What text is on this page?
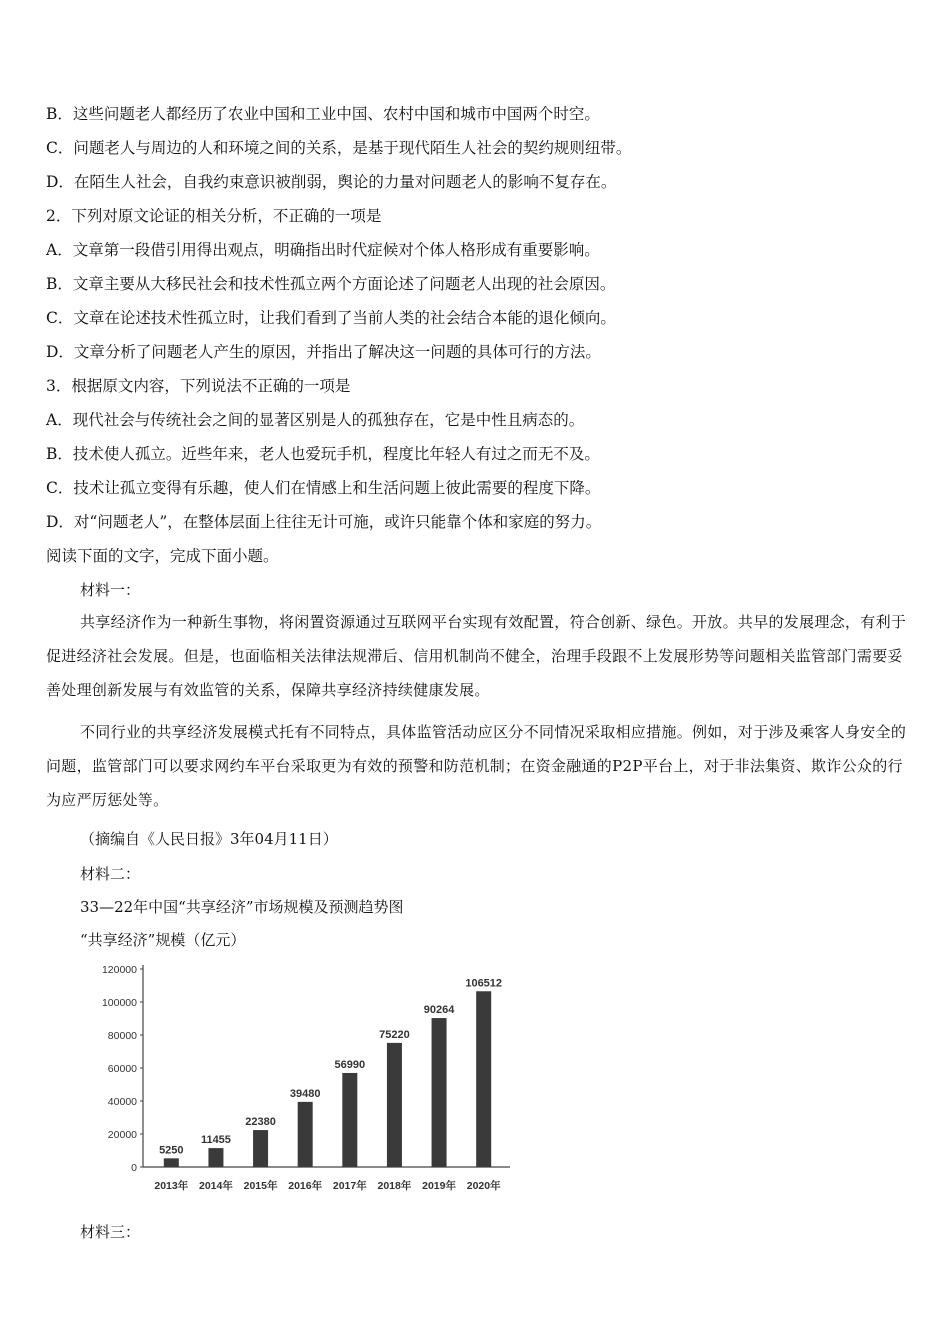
B．这些问题老人都经历了农业中国和工业中国、农村中国和城市中国两个时空。
C．问题老人与周边的人和环境之间的关系，是基于现代陌生人社会的契约规则纽带。
D．在陌生人社会，自我约束意识被削弱，舆论的力量对问题老人的影响不复存在。
2．下列对原文论证的相关分析，不正确的一项是
A．文章第一段借引用得出观点，明确指出时代症候对个体人格形成有重要影响。
B．文章主要从大移民社会和技术性孤立两个方面论述了问题老人出现的社会原因。
C．文章在论述技术性孤立时，让我们看到了当前人类的社会结合本能的退化倾向。
D．文章分析了问题老人产生的原因，并指出了解决这一问题的具体可行的方法。
3．根据原文内容，下列说法不正确的一项是
A．现代社会与传统社会之间的显著区别是人的孤独存在，它是中性且病态的。
B．技术使人孤立。近些年来，老人也爱玩手机，程度比年轻人有过之而无不及。
C．技术让孤立变得有乐趣，使人们在情感上和生活问题上彼此需要的程度下降。
D．对“问题老人”，在整体层面上往往无计可施，或许只能靠个体和家庭的努力。
阅读下面的文字，完成下面小题。
材料一：
共享经济作为一种新生事物，将闲置资源通过互联网平台实现有效配置，符合创新、绿色。开放。共早的发展理念，有利于促进经济社会发展。但是，也面临相关法律法规滞后、信用机制尚不健全，治理手段跟不上发展形势等问题相关监管部门需要妥善处理创新发展与有效监管的关系，保障共享经济持续健康发展。
不同行业的共享经济发展模式托有不同特点，具体监管活动应区分不同情况采取相应措施。例如，对于涉及乘客人身安全的问题，监管部门可以要求网约车平台采取更为有效的预警和防范机制；在资金融通的P2P平台上，对于非法集资、欺诈公众的行为应严厉惩处等。
（摘编自《人民日报》3年04月11日）
材料二：
33—22年中国“共享经济”市场规模及预测趋势图
“共享经济”规模（亿元）
0
20000
40000
60000
80000
100000
120000
5250
2013年
11455
2014年
22380
2015年
39480
2016年
56990
2017年
75220
2018年
90264
2019年
106512
2020年
材料三：
